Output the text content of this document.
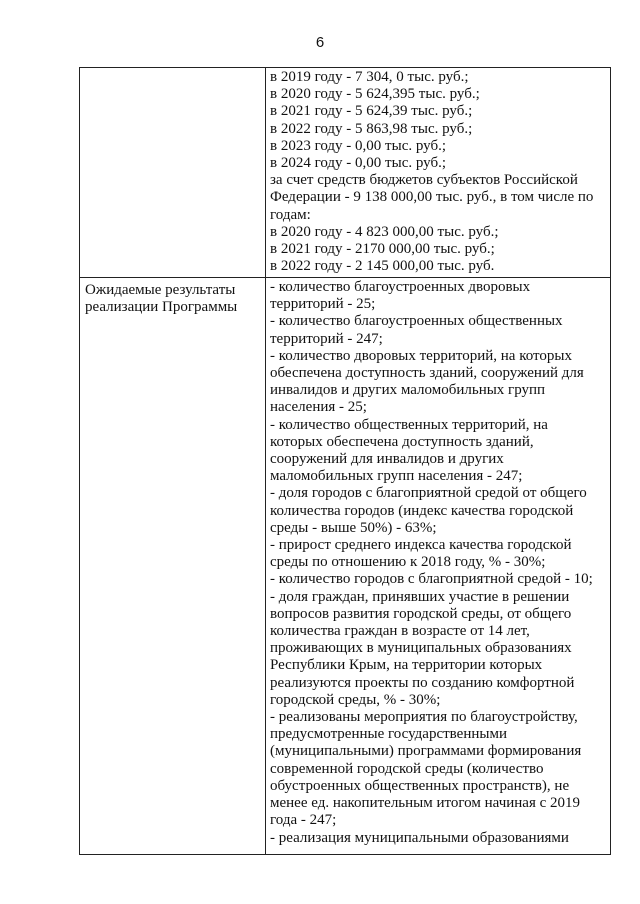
6
в 2019 году - 7 304, 0 тыс. руб.;
в 2020 году - 5 624,395 тыс. руб.;
в 2021 году - 5 624,39 тыс. руб.;
в 2022 году - 5 863,98 тыс. руб.;
в 2023 году - 0,00 тыс. руб.;
в 2024 году - 0,00 тыс. руб.;
за счет средств бюджетов субъектов Российской
Федерации - 9 138 000,00 тыс. руб., в том числе по
годам:
в 2020 году - 4 823 000,00 тыс. руб.;
в 2021 году - 2170 000,00 тыс. руб.;
в 2022 году - 2 145 000,00 тыс. руб.
Ожидаемые результаты
реализации Программы
- количество благоустроенных дворовых
территорий - 25;
- количество благоустроенных общественных
территорий - 247;
- количество дворовых территорий, на которых
обеспечена доступность зданий, сооружений для
инвалидов и других маломобильных групп
населения - 25;
- количество общественных территорий, на
которых обеспечена доступность зданий,
сооружений для инвалидов и других
маломобильных групп населения - 247;
- доля городов с благоприятной средой от общего
количества городов (индекс качества городской
среды - выше 50%) - 63%;
- прирост среднего индекса качества городской
среды по отношению к 2018 году, % - 30%;
- количество городов с благоприятной средой - 10;
- доля граждан, принявших участие в решении
вопросов развития городской среды, от общего
количества граждан в возрасте от 14 лет,
проживающих в муниципальных образованиях
Республики Крым, на территории которых
реализуются проекты по созданию комфортной
городской среды, % - 30%;
- реализованы мероприятия по благоустройству,
предусмотренные государственными
(муниципальными) программами формирования
современной городской среды (количество
обустроенных общественных пространств), не
менее ед. накопительным итогом начиная с 2019
года - 247;
- реализация муниципальными образованиями
